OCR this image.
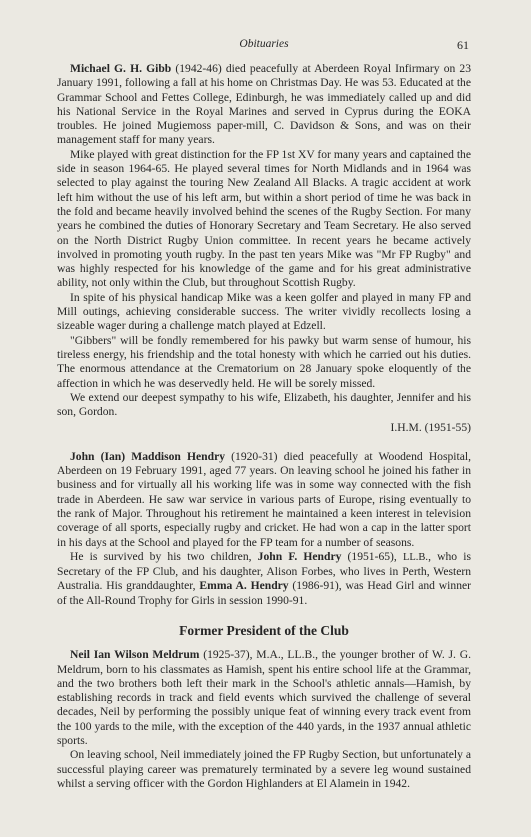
Obituaries	61

Michael G. H. Gibb (1942-46) died peacefully at Aberdeen Royal Infirmary on 23 January 1991, following a fall at his home on Christmas Day. He was 53. Educated at the Grammar School and Fettes College, Edinburgh, he was immediately called up and did his National Service in the Royal Marines and served in Cyprus during the EOKA troubles. He joined Mugiemoss paper-mill, C. Davidson & Sons, and was on their management staff for many years.

Mike played with great distinction for the FP 1st XV for many years and captained the side in season 1964-65. He played several times for North Midlands and in 1964 was selected to play against the touring New Zealand All Blacks. A tragic accident at work left him without the use of his left arm, but within a short period of time he was back in the fold and became heavily involved behind the scenes of the Rugby Section. For many years he combined the duties of Honorary Secretary and Team Secretary. He also served on the North District Rugby Union committee. In recent years he became actively involved in promoting youth rugby. In the past ten years Mike was "Mr FP Rugby" and was highly respected for his knowledge of the game and for his great administrative ability, not only within the Club, but throughout Scottish Rugby.

In spite of his physical handicap Mike was a keen golfer and played in many FP and Mill outings, achieving considerable success. The writer vividly recollects losing a sizeable wager during a challenge match played at Edzell.

"Gibbers" will be fondly remembered for his pawky but warm sense of humour, his tireless energy, his friendship and the total honesty with which he carried out his duties. The enormous attendance at the Crematorium on 28 January spoke eloquently of the affection in which he was deservedly held. He will be sorely missed.

We extend our deepest sympathy to his wife, Elizabeth, his daughter, Jennifer and his son, Gordon.

I.H.M. (1951-55)

John (Ian) Maddison Hendry (1920-31) died peacefully at Woodend Hospital, Aberdeen on 19 February 1991, aged 77 years. On leaving school he joined his father in business and for virtually all his working life was in some way connected with the fish trade in Aberdeen. He saw war service in various parts of Europe, rising eventually to the rank of Major. Throughout his retirement he maintained a keen interest in television coverage of all sports, especially rugby and cricket. He had won a cap in the latter sport in his days at the School and played for the FP team for a number of seasons.

He is survived by his two children, John F. Hendry (1951-65), LL.B., who is Secretary of the FP Club, and his daughter, Alison Forbes, who lives in Perth, Western Australia. His granddaughter, Emma A. Hendry (1986-91), was Head Girl and winner of the All-Round Trophy for Girls in session 1990-91.

Former President of the Club

Neil Ian Wilson Meldrum (1925-37), M.A., LL.B., the younger brother of W. J. G. Meldrum, born to his classmates as Hamish, spent his entire school life at the Grammar, and the two brothers both left their mark in the School's athletic annals—Hamish, by establishing records in track and field events which survived the challenge of several decades, Neil by performing the possibly unique feat of winning every track event from the 100 yards to the mile, with the exception of the 440 yards, in the 1937 annual athletic sports.

On leaving school, Neil immediately joined the FP Rugby Section, but unfortunately a successful playing career was prematurely terminated by a severe leg wound sustained whilst a serving officer with the Gordon Highlanders at El Alamein in 1942.
